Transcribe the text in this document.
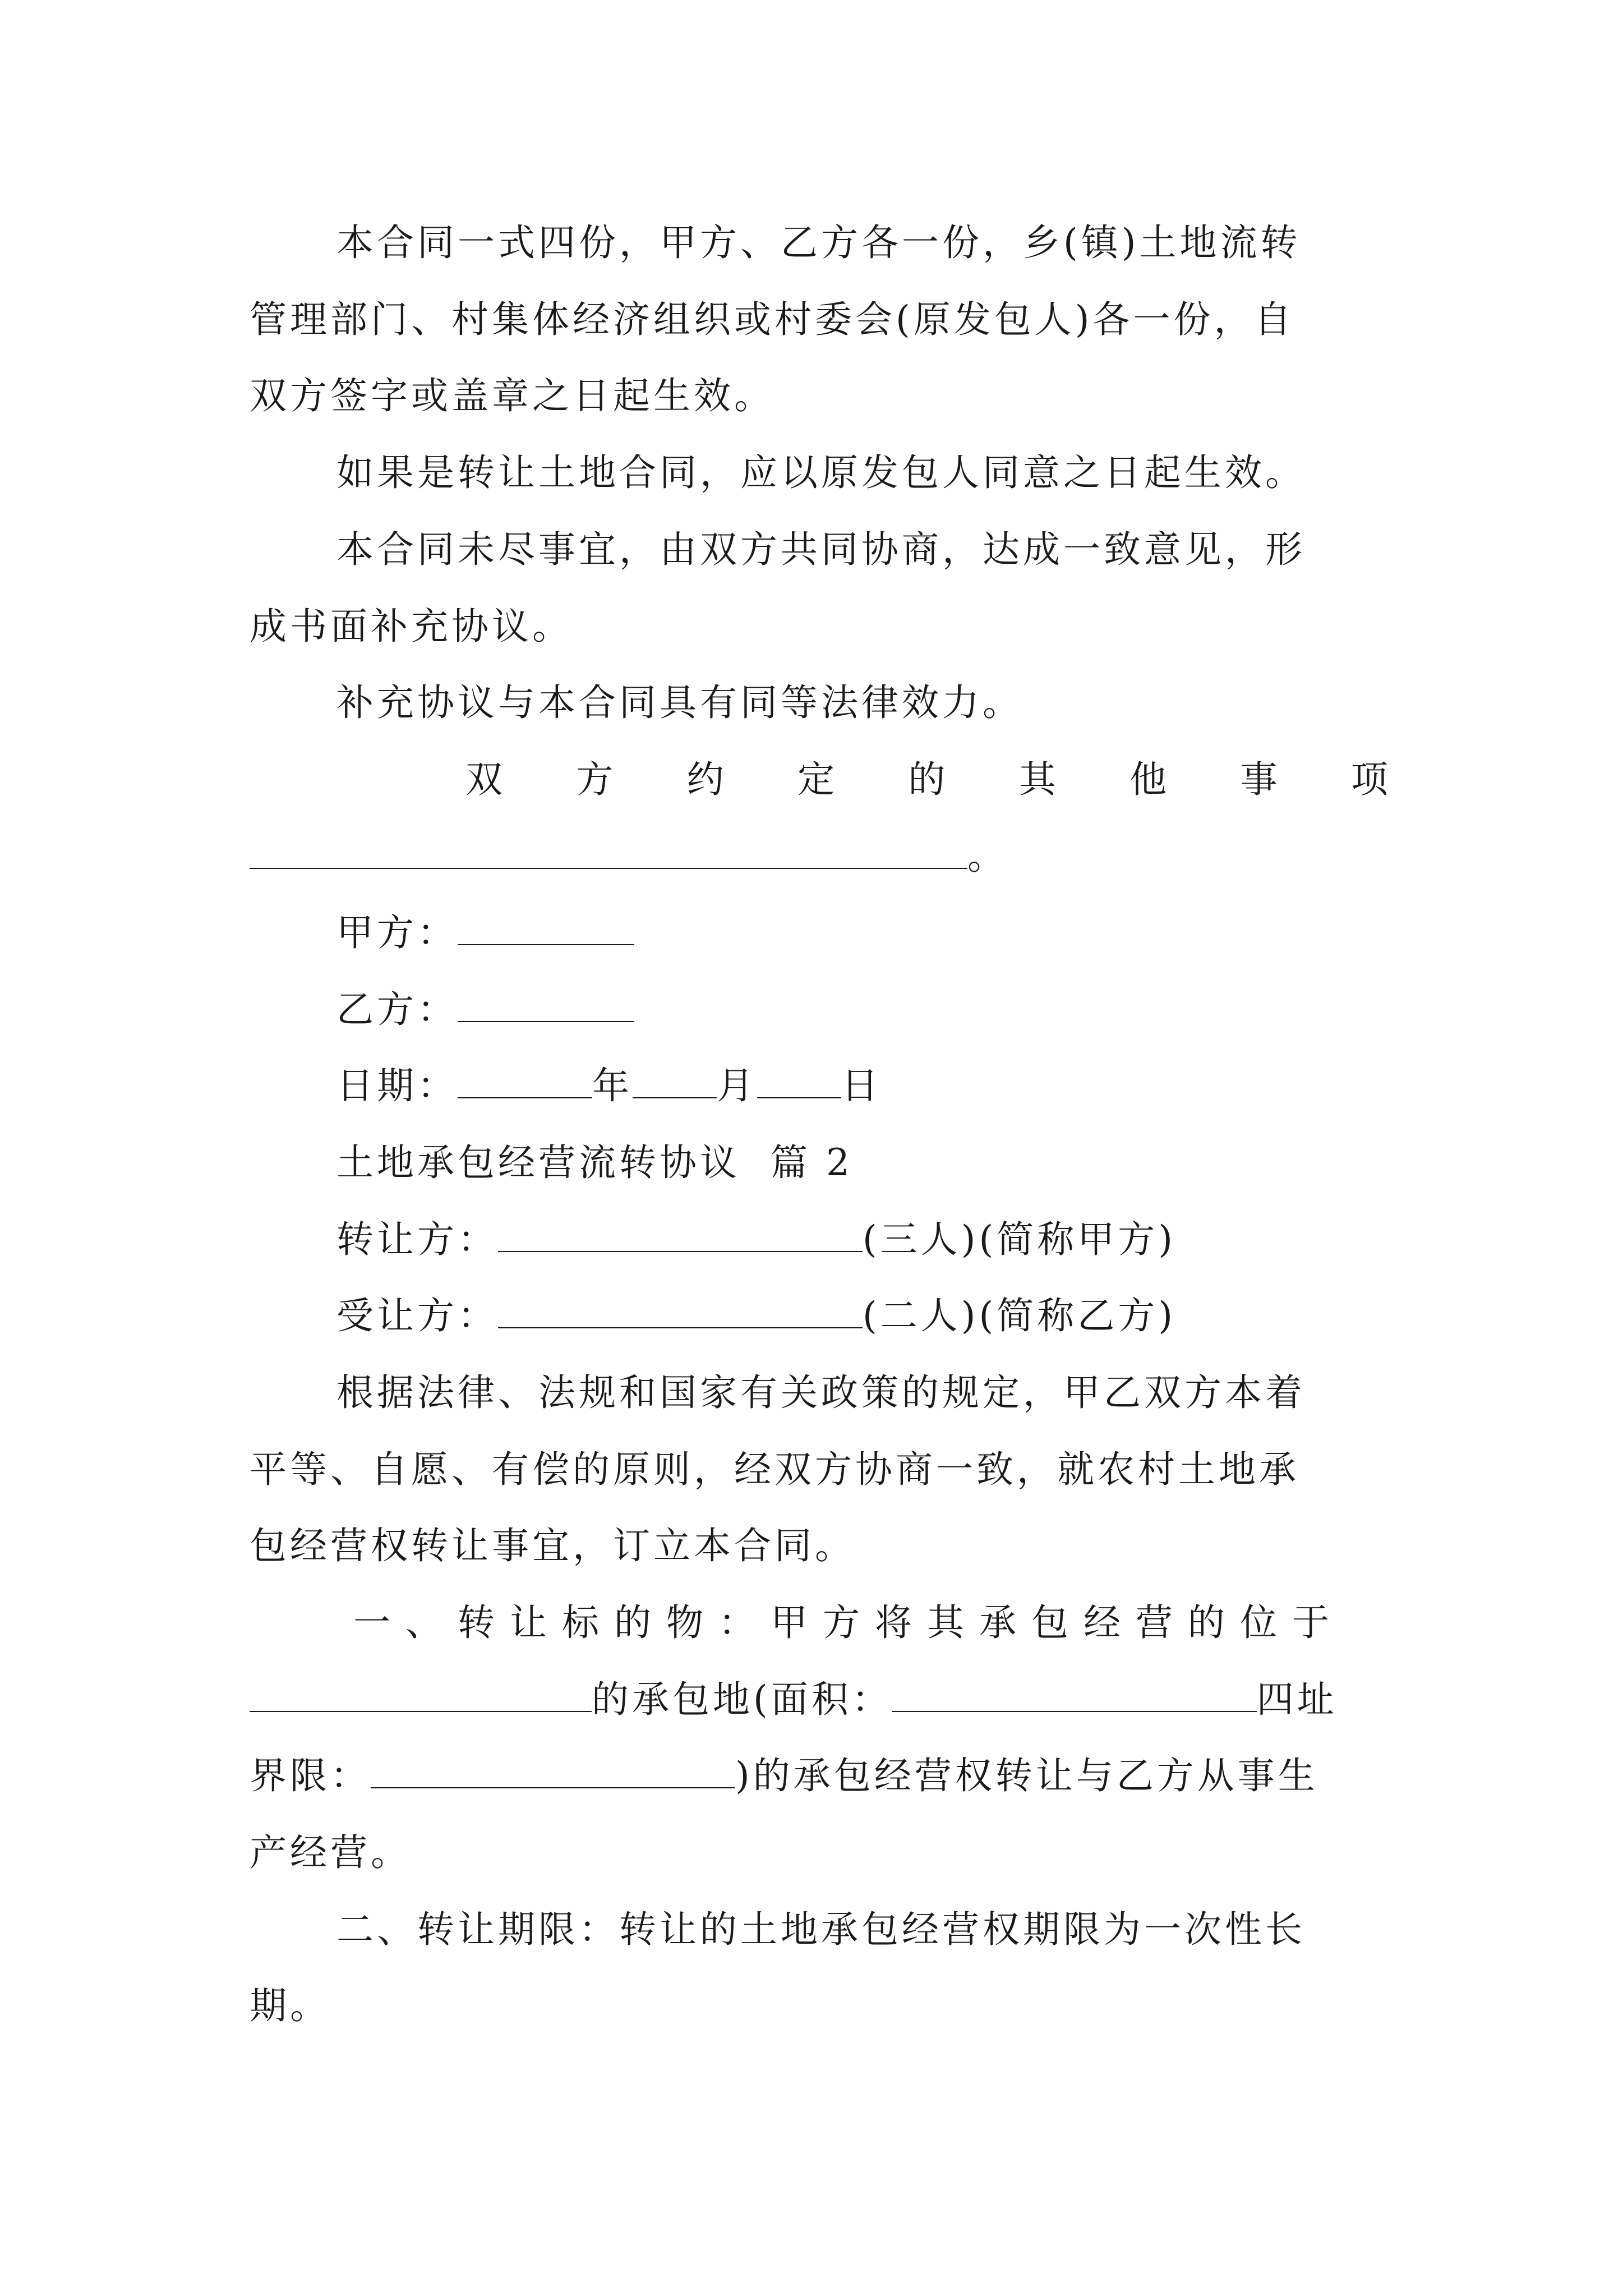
本合同一式四份，甲方、乙方各一份，乡(镇)土地流转
管理部门、村集体经济组织或村委会(原发包人)各一份，自
双方签字或盖章之日起生效。
如果是转让土地合同，应以原发包人同意之日起生效。
本合同未尽事宜，由双方共同协商，达成一致意见，形
成书面补充协议。
补充协议与本合同具有同等法律效力。
双 方 约 定 的 其 他 事 项
。
甲方：
乙方：
日期：	年 月 日
土地承包经营流转协议  篇 2
转让方：	(三人)(简称甲方)
受让方：	(二人)(简称乙方)
根据法律、法规和国家有关政策的规定，甲乙双方本着
平等、自愿、有偿的原则，经双方协商一致，就农村土地承
包经营权转让事宜，订立本合同。
一、转让标的物：甲方将其承包经营的位于
的承包地(面积：	四址
界限：	)的承包经营权转让与乙方从事生
产经营。
二、转让期限：转让的土地承包经营权期限为一次性长
期。
